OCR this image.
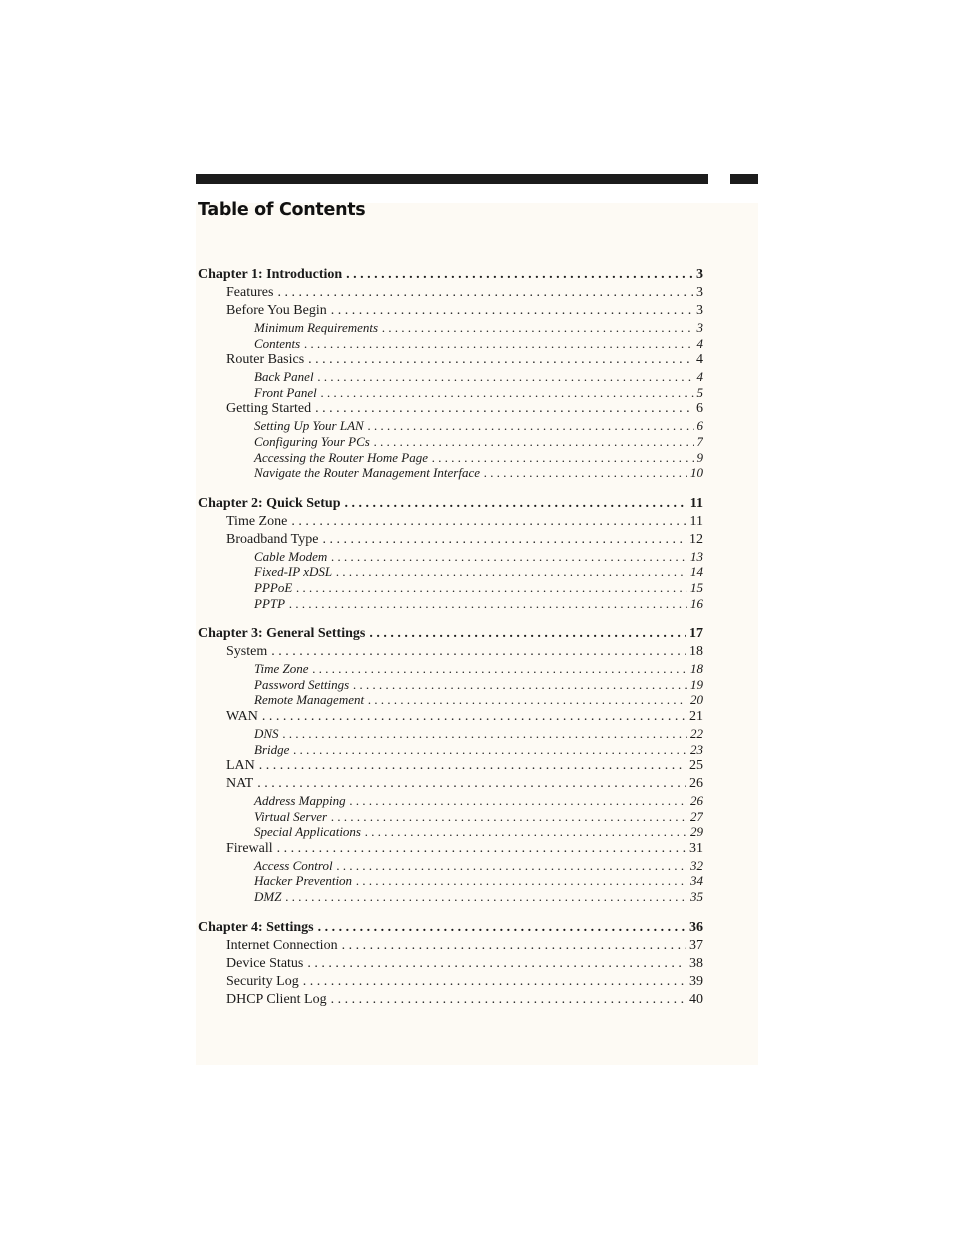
Table of Contents
Chapter 1: Introduction . . .	3
Features . . .	3
Before You Begin . . .	3
Minimum Requirements . . .	3
Contents . . .	4
Router Basics . . .	4
Back Panel . . .	4
Front Panel . . .	5
Getting Started . . .	6
Setting Up Your LAN . . .	6
Configuring Your PCs . . .	7
Accessing the Router Home Page . . .	9
Navigate the Router Management Interface . . .	10
Chapter 2: Quick Setup . . .	11
Time Zone . . .	11
Broadband Type . . .	12
Cable Modem . . .	13
Fixed-IP xDSL . . .	14
PPPoE . . .	15
PPTP . . .	16
Chapter 3: General Settings . . .	17
System . . .	18
Time Zone . . .	18
Password Settings . . .	19
Remote Management . . .	20
WAN . . .	21
DNS . . .	22
Bridge . . .	23
LAN . . .	25
NAT . . .	26
Address Mapping . . .	26
Virtual Server . . .	27
Special Applications . . .	29
Firewall . . .	31
Access Control . . .	32
Hacker Prevention . . .	34
DMZ . . .	35
Chapter 4: Settings . . .	36
Internet Connection . . .	37
Device Status . . .	38
Security Log . . .	39
DHCP Client Log . . .	40
